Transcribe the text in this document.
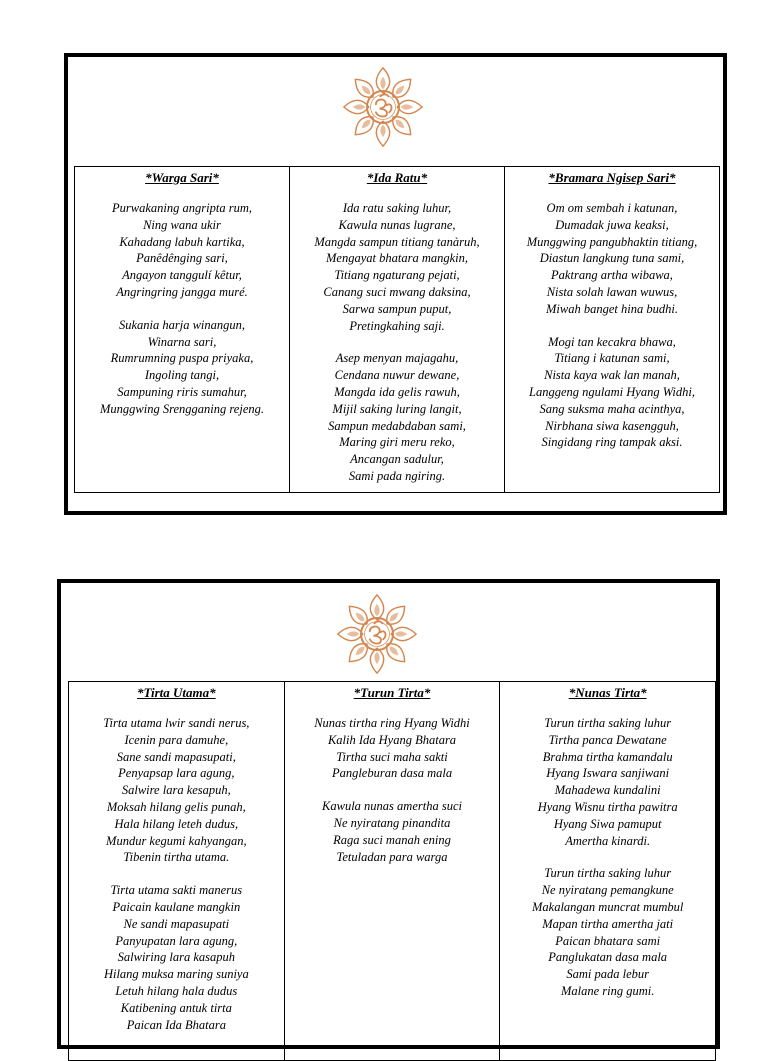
*Warga Sari*
Purwakaning angripta rum,
Ning wana ukir
Kahadang labuh kartika,
Panêdênging sari,
Angayon tanggulí kêtur,
Angringring jangga muré.
Sukania harja winangun,
Winarna sari,
Rumrumning puspa priyaka,
Ingoling tangi,
Sampuning riris sumahur,
Munggwing Srengganing rejeng.
*Ida Ratu*
Ida ratu saking luhur,
Kawula nunas lugrane,
Mangda sampun titiang tanàruh,
Mengayat bhatara mangkin,
Titiang ngaturang pejati,
Canang suci mwang daksina,
Sarwa sampun puput,
Pretingkahing saji.
Asep menyan majagahu,
Cendana nuwur dewane,
Mangda ida gelis rawuh,
Mijil saking luring langit,
Sampun medabdaban sami,
Maring giri meru reko,
Ancangan sadulur,
Sami pada ngiring.
*Bramara Ngisep Sari*
Om om sembah i katunan,
Dumadak juwa keaksi,
Munggwing pangubhaktin titiang,
Diastun langkung tuna sami,
Paktrang artha wibawa,
Nista solah lawan wuwus,
Miwah banget hina budhi.
Mogi tan kecakra bhawa,
Titiang i katunan sami,
Nista kaya wak lan manah,
Langgeng ngulami Hyang Widhi,
Sang suksma maha acinthya,
Nirbhana siwa kasengguh,
Singidang ring tampak aksi.
*Tirta Utama*
Tirta utama lwir sandi nerus,
Icenin para damuhe,
Sane sandi mapasupati,
Penyapsap lara agung,
Salwire lara kesapuh,
Moksah hilang gelis punah,
Hala hilang leteh dudus,
Mundur kegumi kahyangan,
Tibenin tirtha utama.
Tirta utama sakti manerus
Paicain kaulane mangkin
Ne sandi mapasupati
Panyupatan lara agung,
Salwiring lara kasapuh
Hilang muksa maring suniya
Letuh hilang hala dudus
Katibening antuk tirta
Paican Ida Bhatara
*Turun Tirta*
Nunas tirtha ring Hyang Widhi
Kalih Ida Hyang Bhatara
Tirtha suci maha sakti
Pangleburan dasa mala
Kawula nunas amertha suci
Ne nyiratang pinandita
Raga suci manah ening
Tetuladan para warga
*Nunas Tirta*
Turun tirtha saking luhur
Tirtha panca Dewatane
Brahma tirtha kamandalu
Hyang Iswara sanjiwani
Mahadewa kundalini
Hyang Wisnu tirtha pawitra
Hyang Siwa pamuput
Amertha kinardi.
Turun tirtha saking luhur
Ne nyiratang pemangkune
Makalangan muncrat mumbul
Mapan tirtha amertha jati
Paican bhatara sami
Panglukatan dasa mala
Sami pada lebur
Malane ring gumi.
